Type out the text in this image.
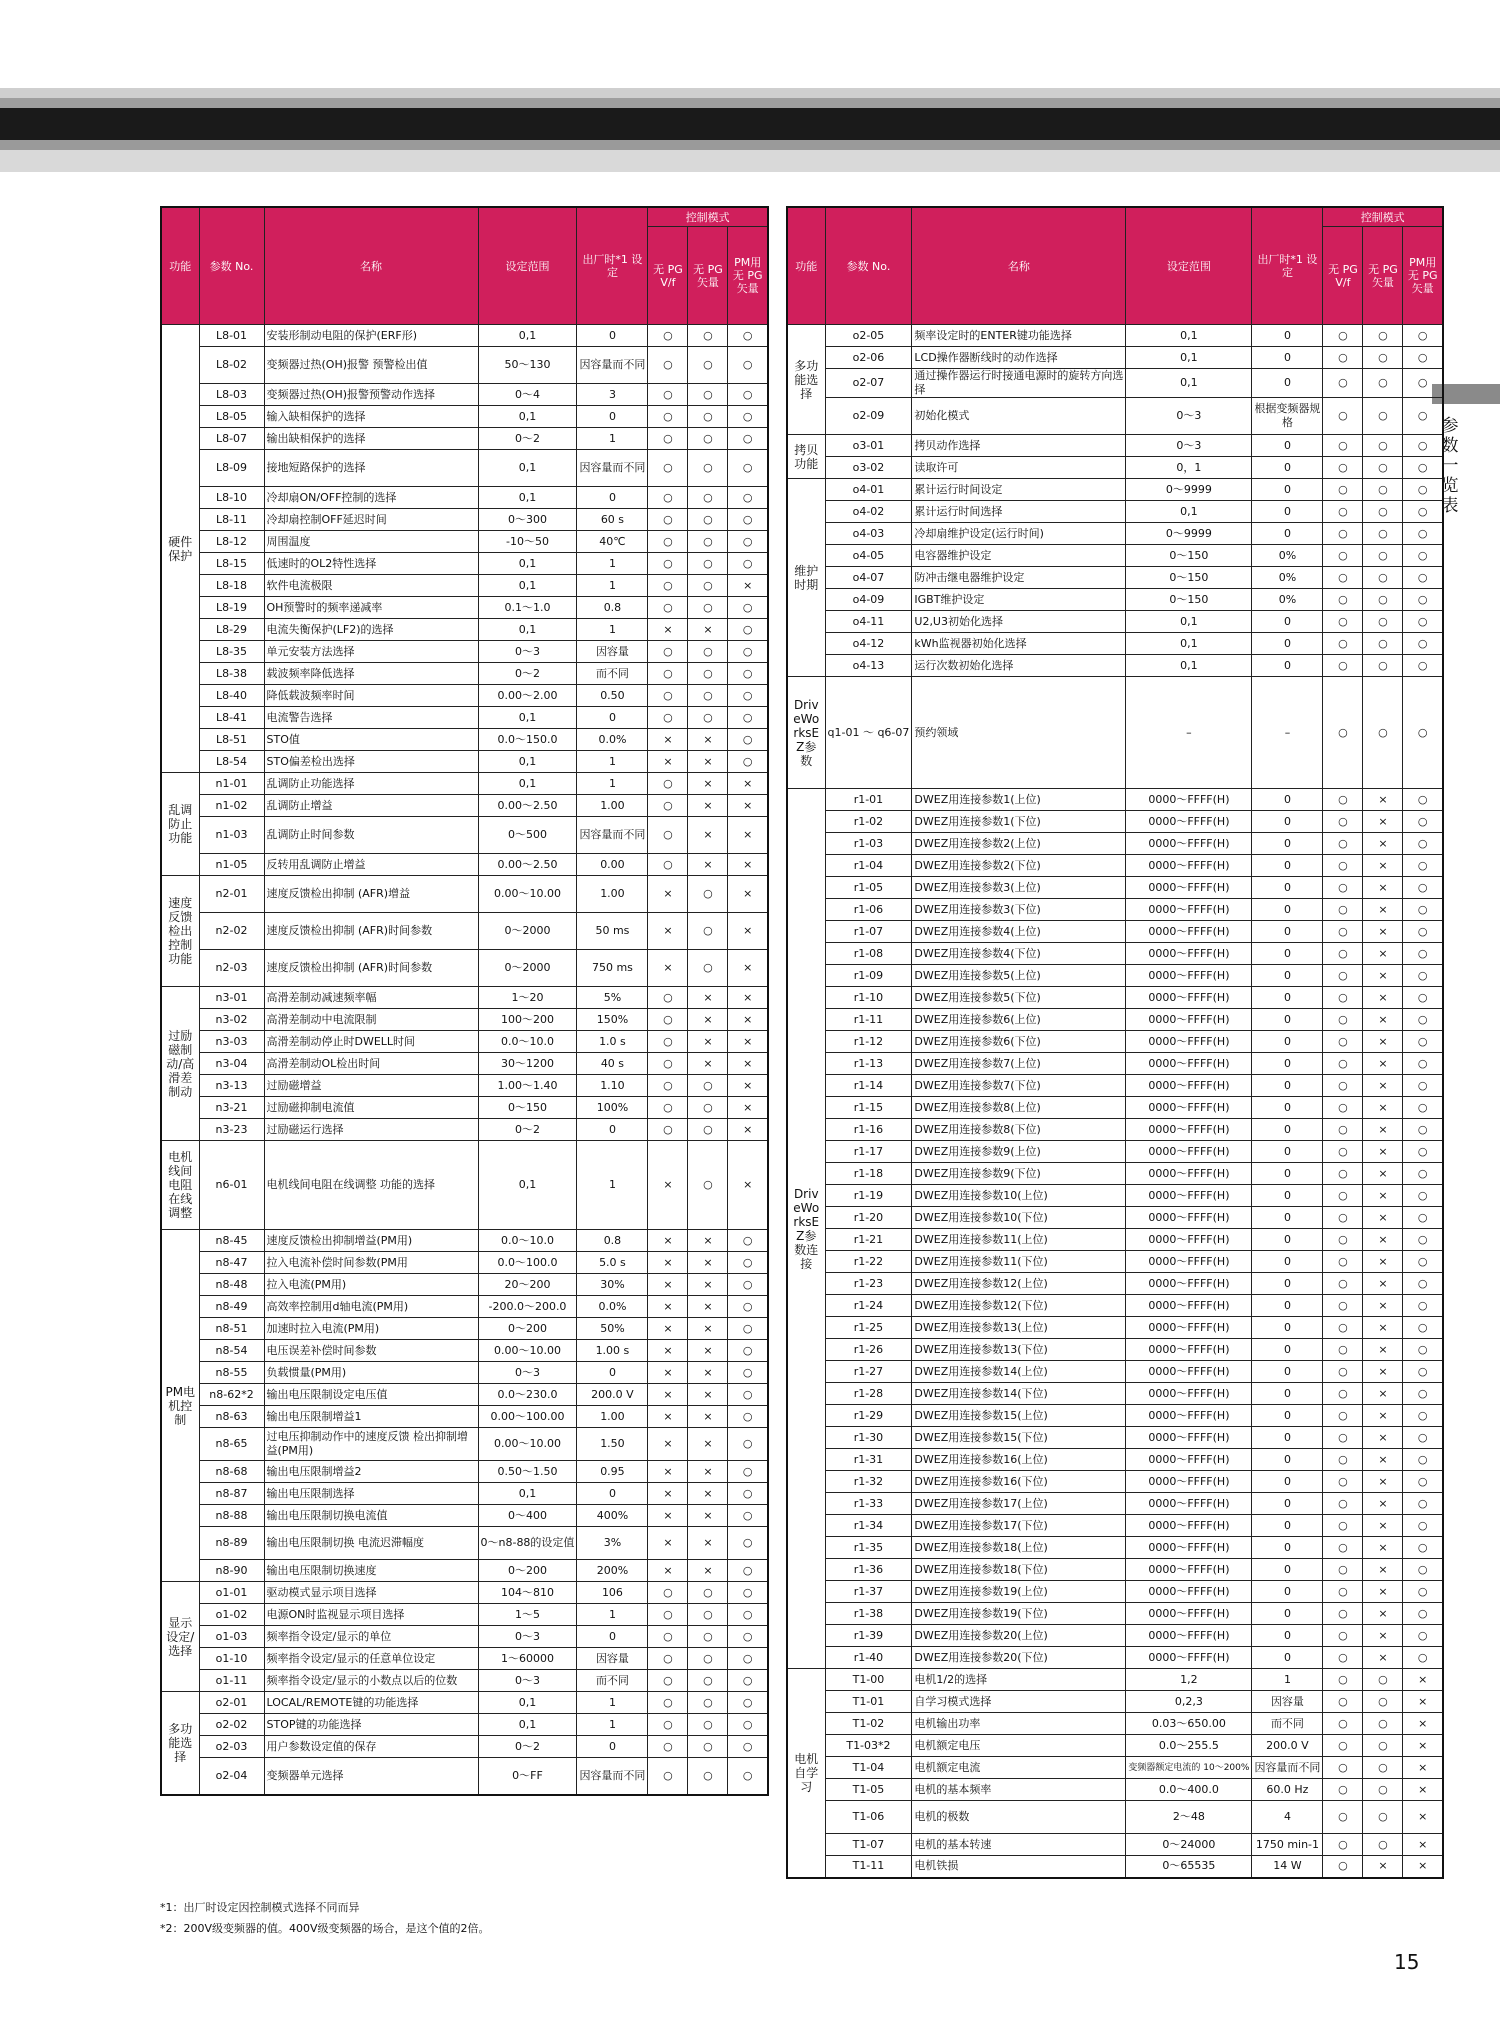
参数一览表
功能	参数 No.	名称	设定范围	出厂时*1 设定	控制模式		
					无 PG V/f	无 PG 矢量	PM用 无 PG 矢量
硬件保护	L8-01	安装形制动电阻的保护(ERF形)	0,1	0	○	○	○
	L8-02	变频器过热(OH)报警 预警检出值	50～130	因容量而不同	○	○	○
	L8-03	变频器过热(OH)报警预警动作选择	0～4	3	○	○	○
	L8-05	输入缺相保护的选择	0,1	0	○	○	○
	L8-07	输出缺相保护的选择	0～2	1	○	○	○
	L8-09	接地短路保护的选择	0,1	因容量而不同	○	○	○
	L8-10	冷却扇ON/OFF控制的选择	0,1	0	○	○	○
	L8-11	冷却扇控制OFF延迟时间	0～300	60 s	○	○	○
	L8-12	周围温度	-10～50	40℃	○	○	○
	L8-15	低速时的OL2特性选择	0,1	1	○	○	○
	L8-18	软件电流极限	0,1	1	○	○	×
	L8-19	OH预警时的频率递减率	0.1～1.0	0.8	○	○	○
	L8-29	电流失衡保护(LF2)的选择	0,1	1	×	×	○
	L8-35	单元安装方法选择	0～3	因容量	○	○	○
	L8-38	载波频率降低选择	0～2	而不同	○	○	○
	L8-40	降低载波频率时间	0.00～2.00	0.50	○	○	○
	L8-41	电流警告选择	0,1	0	○	○	○
	L8-51	STO值	0.0～150.0	0.0%	×	×	○
	L8-54	STO偏差检出选择	0,1	1	×	×	○
乱调防止功能	n1-01	乱调防止功能选择	0,1	1	○	×	×
	n1-02	乱调防止增益	0.00～2.50	1.00	○	×	×
	n1-03	乱调防止时间参数	0～500	因容量而不同	○	×	×
	n1-05	反转用乱调防止增益	0.00～2.50	0.00	○	×	×
速度反馈检出控制功能	n2-01	速度反馈检出抑制 (AFR)增益	0.00～10.00	1.00	×	○	×
	n2-02	速度反馈检出抑制 (AFR)时间参数	0～2000	50 ms	×	○	×
	n2-03	速度反馈检出抑制 (AFR)时间参数	0～2000	750 ms	×	○	×
过励磁制动/高滑差制动	n3-01	高滑差制动减速频率幅	1～20	5%	○	×	×
	n3-02	高滑差制动中电流限制	100～200	150%	○	×	×
	n3-03	高滑差制动停止时DWELL时间	0.0～10.0	1.0 s	○	×	×
	n3-04	高滑差制动OL检出时间	30～1200	40 s	○	×	×
	n3-13	过励磁增益	1.00～1.40	1.10	○	○	×
	n3-21	过励磁抑制电流值	0～150	100%	○	○	×
	n3-23	过励磁运行选择	0～2	0	○	○	×
电机线间电阻在线调整	n6-01	电机线间电阻在线调整 功能的选择	0,1	1	×	○	×
PM电机控制	n8-45	速度反馈检出抑制增益(PM用)	0.0～10.0	0.8	×	×	○
	n8-47	拉入电流补偿时间参数(PM用	0.0～100.0	5.0 s	×	×	○
	n8-48	拉入电流(PM用)	20～200	30%	×	×	○
	n8-49	高效率控制用d轴电流(PM用)	-200.0～200.0	0.0%	×	×	○
	n8-51	加速时拉入电流(PM用)	0～200	50%	×	×	○
	n8-54	电压误差补偿时间参数	0.00～10.00	1.00 s	×	×	○
	n8-55	负载惯量(PM用)	0～3	0	×	×	○
	n8-62*2	输出电压限制设定电压值	0.0～230.0	200.0 V	×	×	○
	n8-63	输出电压限制增益1	0.00～100.00	1.00	×	×	○
	n8-65	过电压抑制动作中的速度反馈 检出抑制增益(PM用)	0.00～10.00	1.50	×	×	○
	n8-68	输出电压限制增益2	0.50～1.50	0.95	×	×	○
	n8-87	输出电压限制选择	0,1	0	×	×	○
	n8-88	输出电压限制切换电流值	0～400	400%	×	×	○
	n8-89	输出电压限制切换 电流迟滞幅度	0～n8-88的设定值	3%	×	×	○
	n8-90	输出电压限制切换速度	0～200	200%	×	×	○
显示设定/选择	o1-01	驱动模式显示项目选择	104～810	106	○	○	○
	o1-02	电源ON时监视显示项目选择	1～5	1	○	○	○
	o1-03	频率指令设定/显示的单位	0～3	0	○	○	○
	o1-10	频率指令设定/显示的任意单位设定	1～60000	因容量	○	○	○
	o1-11	频率指令设定/显示的小数点以后的位数	0～3	而不同	○	○	○
多功能选择	o2-01	LOCAL/REMOTE键的功能选择	0,1	1	○	○	○
	o2-02	STOP键的功能选择	0,1	1	○	○	○
	o2-03	用户参数设定值的保存	0～2	0	○	○	○
	o2-04	变频器单元选择	0～FF	因容量而不同	○	○	○
功能	参数 No.	名称	设定范围	出厂时*1 设定	控制模式		
					无 PG V/f	无 PG 矢量	PM用 无 PG 矢量
多功能选择	o2-05	频率设定时的ENTER键功能选择	0,1	0	○	○	○
	o2-06	LCD操作器断线时的动作选择	0,1	0	○	○	○
	o2-07	通过操作器运行时接通电源时的旋转方向选择	0,1	0	○	○	○
	o2-09	初始化模式	0～3	根据变频器规格	○	○	○
拷贝功能	o3-01	拷贝动作选择	0～3	0	○	○	○
	o3-02	读取许可	0，1	0	○	○	○
维护时期	o4-01	累计运行时间设定	0～9999	0	○	○	○
	o4-02	累计运行时间选择	0,1	0	○	○	○
	o4-03	冷却扇维护设定(运行时间)	0～9999	0	○	○	○
	o4-05	电容器维护设定	0～150	0%	○	○	○
	o4-07	防冲击继电器维护设定	0～150	0%	○	○	○
	o4-09	IGBT维护设定	0～150	0%	○	○	○
	o4-11	U2,U3初始化选择	0,1	0	○	○	○
	o4-12	kWh监视器初始化选择	0,1	0	○	○	○
	o4-13	运行次数初始化选择	0,1	0	○	○	○
DriveWorksEZ参数	q1-01 ～ q6-07	预约领域	–	–	○	○	○
DriveWorksEZ参数连接	r1-01	DWEZ用连接参数1(上位)	0000～FFFF(H)	0	○	×	○
	r1-02	DWEZ用连接参数1(下位)	0000～FFFF(H)	0	○	×	○
	r1-03	DWEZ用连接参数2(上位)	0000～FFFF(H)	0	○	×	○
	r1-04	DWEZ用连接参数2(下位)	0000～FFFF(H)	0	○	×	○
	r1-05	DWEZ用连接参数3(上位)	0000～FFFF(H)	0	○	×	○
	r1-06	DWEZ用连接参数3(下位)	0000～FFFF(H)	0	○	×	○
	r1-07	DWEZ用连接参数4(上位)	0000～FFFF(H)	0	○	×	○
	r1-08	DWEZ用连接参数4(下位)	0000～FFFF(H)	0	○	×	○
	r1-09	DWEZ用连接参数5(上位)	0000～FFFF(H)	0	○	×	○
	r1-10	DWEZ用连接参数5(下位)	0000～FFFF(H)	0	○	×	○
	r1-11	DWEZ用连接参数6(上位)	0000～FFFF(H)	0	○	×	○
	r1-12	DWEZ用连接参数6(下位)	0000～FFFF(H)	0	○	×	○
	r1-13	DWEZ用连接参数7(上位)	0000～FFFF(H)	0	○	×	○
	r1-14	DWEZ用连接参数7(下位)	0000～FFFF(H)	0	○	×	○
	r1-15	DWEZ用连接参数8(上位)	0000～FFFF(H)	0	○	×	○
	r1-16	DWEZ用连接参数8(下位)	0000～FFFF(H)	0	○	×	○
	r1-17	DWEZ用连接参数9(上位)	0000～FFFF(H)	0	○	×	○
	r1-18	DWEZ用连接参数9(下位)	0000～FFFF(H)	0	○	×	○
	r1-19	DWEZ用连接参数10(上位)	0000～FFFF(H)	0	○	×	○
	r1-20	DWEZ用连接参数10(下位)	0000～FFFF(H)	0	○	×	○
	r1-21	DWEZ用连接参数11(上位)	0000～FFFF(H)	0	○	×	○
	r1-22	DWEZ用连接参数11(下位)	0000～FFFF(H)	0	○	×	○
	r1-23	DWEZ用连接参数12(上位)	0000～FFFF(H)	0	○	×	○
	r1-24	DWEZ用连接参数12(下位)	0000～FFFF(H)	0	○	×	○
	r1-25	DWEZ用连接参数13(上位)	0000～FFFF(H)	0	○	×	○
	r1-26	DWEZ用连接参数13(下位)	0000～FFFF(H)	0	○	×	○
	r1-27	DWEZ用连接参数14(上位)	0000～FFFF(H)	0	○	×	○
	r1-28	DWEZ用连接参数14(下位)	0000～FFFF(H)	0	○	×	○
	r1-29	DWEZ用连接参数15(上位)	0000～FFFF(H)	0	○	×	○
	r1-30	DWEZ用连接参数15(下位)	0000～FFFF(H)	0	○	×	○
	r1-31	DWEZ用连接参数16(上位)	0000～FFFF(H)	0	○	×	○
	r1-32	DWEZ用连接参数16(下位)	0000～FFFF(H)	0	○	×	○
	r1-33	DWEZ用连接参数17(上位)	0000～FFFF(H)	0	○	×	○
	r1-34	DWEZ用连接参数17(下位)	0000～FFFF(H)	0	○	×	○
	r1-35	DWEZ用连接参数18(上位)	0000～FFFF(H)	0	○	×	○
	r1-36	DWEZ用连接参数18(下位)	0000～FFFF(H)	0	○	×	○
	r1-37	DWEZ用连接参数19(上位)	0000～FFFF(H)	0	○	×	○
	r1-38	DWEZ用连接参数19(下位)	0000～FFFF(H)	0	○	×	○
	r1-39	DWEZ用连接参数20(上位)	0000～FFFF(H)	0	○	×	○
	r1-40	DWEZ用连接参数20(下位)	0000～FFFF(H)	0	○	×	○
电机自学习	T1-00	电机1/2的选择	1,2	1	○	○	×
	T1-01	自学习模式选择	0,2,3	因容量	○	○	×
	T1-02	电机输出功率	0.03～650.00	而不同	○	○	×
	T1-03*2	电机额定电压	0.0～255.5	200.0 V	○	○	×
	T1-04	电机额定电流	变频器额定电流的 10～200%	因容量而不同	○	○	×
	T1-05	电机的基本频率	0.0～400.0	60.0 Hz	○	○	×
	T1-06	电机的极数	2～48	4	○	○	×
	T1-07	电机的基本转速	0～24000	1750 min-1	○	○	×
	T1-11	电机铁损	0～65535	14 W	○	×	×
*1：出厂时设定因控制模式选择不同而异
*2：200V级变频器的值。400V级变频器的场合，是这个值的2倍。
15
